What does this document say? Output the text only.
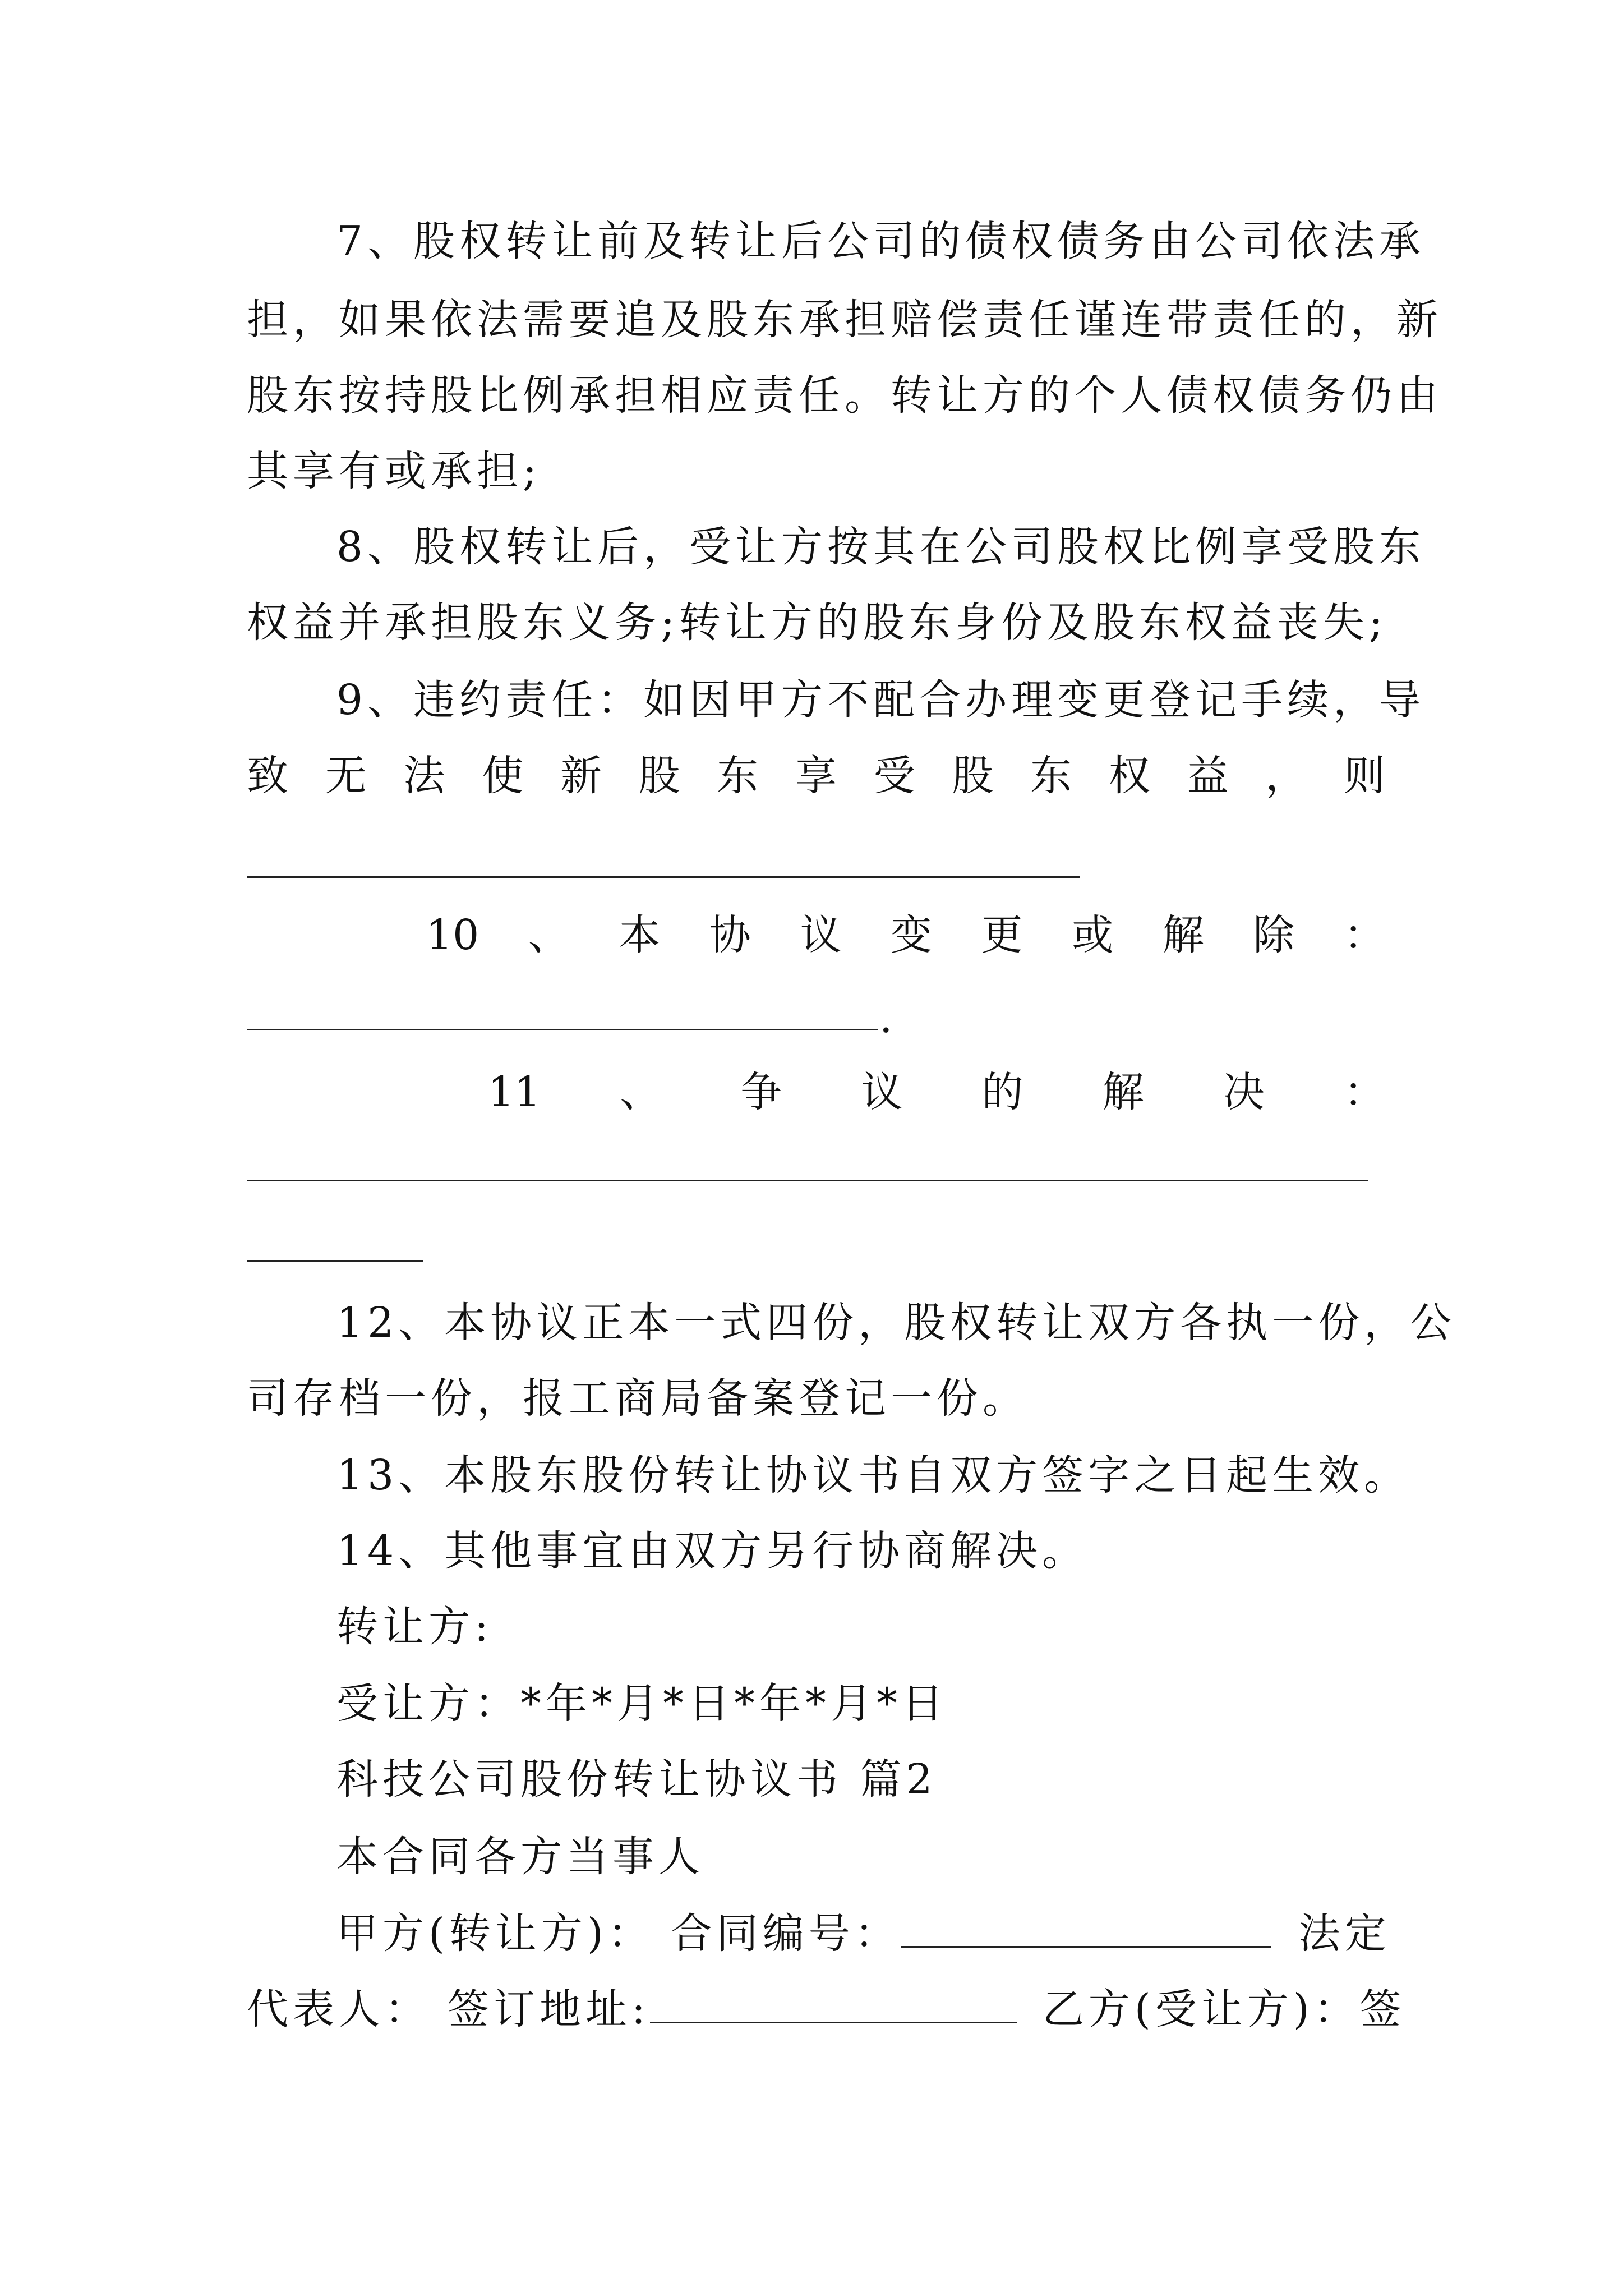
7、股权转让前及转让后公司的债权债务由公司依法承
担，如果依法需要追及股东承担赔偿责任谨连带责任的，新
股东按持股比例承担相应责任。转让方的个人债权债务仍由
其享有或承担;
8、股权转让后，受让方按其在公司股权比例享受股东
权益并承担股东义务;转让方的股东身份及股东权益丧失;
9、违约责任：如因甲方不配合办理变更登记手续，导
致无法使新股东享受股东权益，则
10、本协议变更或解除：
.
11、争议的解决：
12、本协议正本一式四份，股权转让双方各执一份，公
司存档一份，报工商局备案登记一份。
13、本股东股份转让协议书自双方签字之日起生效。
14、其他事宜由双方另行协商解决。
转让方:
受让方：*年*月*日*年*月*日
科技公司股份转让协议书 篇2
本合同各方当事人
甲方(转让方)： 合同编号：	法定
代表人： 签订地址:	乙方(受让方)：签
